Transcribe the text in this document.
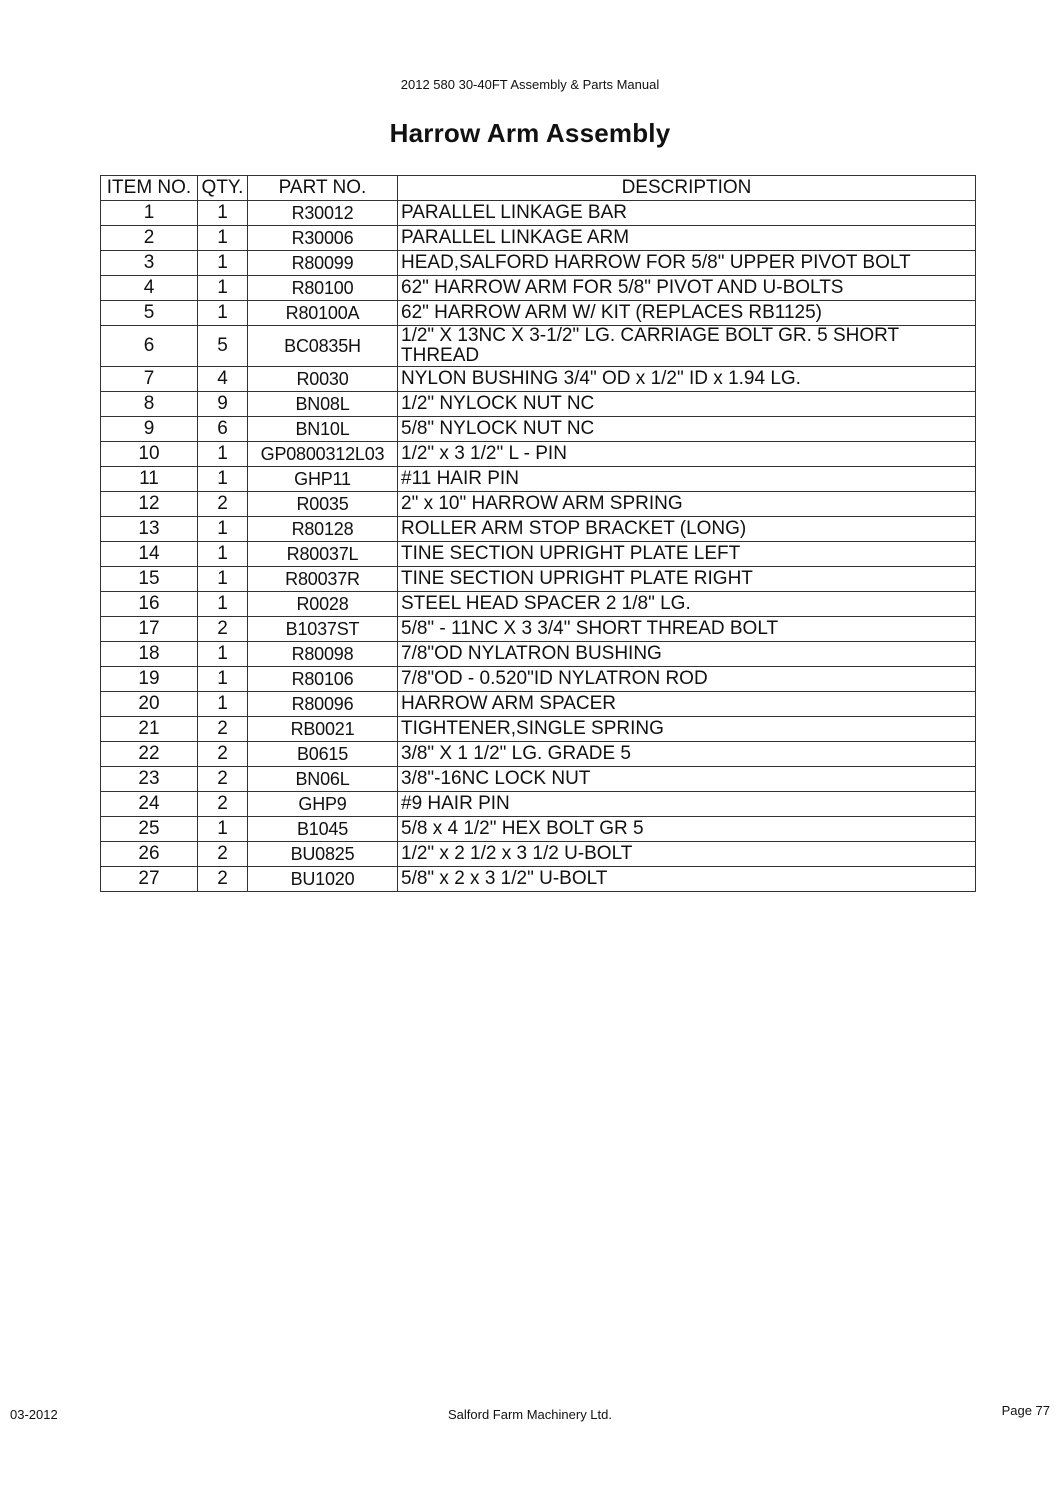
2012 580 30-40FT Assembly & Parts Manual
Harrow Arm Assembly
ITEM NO.	QTY.	PART NO.	DESCRIPTION
1	1	R30012	PARALLEL LINKAGE BAR
2	1	R30006	PARALLEL LINKAGE ARM
3	1	R80099	HEAD,SALFORD HARROW FOR 5/8" UPPER PIVOT BOLT
4	1	R80100	62" HARROW ARM FOR 5/8" PIVOT AND U-BOLTS
5	1	R80100A	62" HARROW ARM W/ KIT (REPLACES RB1125)
6	5	BC0835H	1/2" X 13NC X 3-1/2" LG. CARRIAGE BOLT GR. 5 SHORT THREAD
7	4	R0030	NYLON BUSHING 3/4" OD x 1/2" ID x 1.94 LG.
8	9	BN08L	1/2" NYLOCK NUT NC
9	6	BN10L	5/8" NYLOCK NUT NC
10	1	GP0800312L03	1/2" x 3 1/2" L - PIN
11	1	GHP11	#11 HAIR PIN
12	2	R0035	2" x 10" HARROW ARM SPRING
13	1	R80128	ROLLER ARM STOP BRACKET (LONG)
14	1	R80037L	TINE SECTION UPRIGHT PLATE LEFT
15	1	R80037R	TINE SECTION UPRIGHT PLATE RIGHT
16	1	R0028	STEEL HEAD SPACER 2 1/8" LG.
17	2	B1037ST	5/8" - 11NC X 3 3/4" SHORT THREAD BOLT
18	1	R80098	7/8"OD NYLATRON BUSHING
19	1	R80106	7/8"OD - 0.520"ID NYLATRON ROD
20	1	R80096	HARROW ARM SPACER
21	2	RB0021	TIGHTENER,SINGLE SPRING
22	2	B0615	3/8" X 1 1/2" LG. GRADE 5
23	2	BN06L	3/8"-16NC LOCK NUT
24	2	GHP9	#9 HAIR PIN
25	1	B1045	5/8 x 4 1/2" HEX BOLT GR 5
26	2	BU0825	1/2" x 2 1/2 x 3 1/2 U-BOLT
27	2	BU1020	5/8" x 2 x 3 1/2" U-BOLT
03-2012	Salford Farm Machinery Ltd.	Page 77
